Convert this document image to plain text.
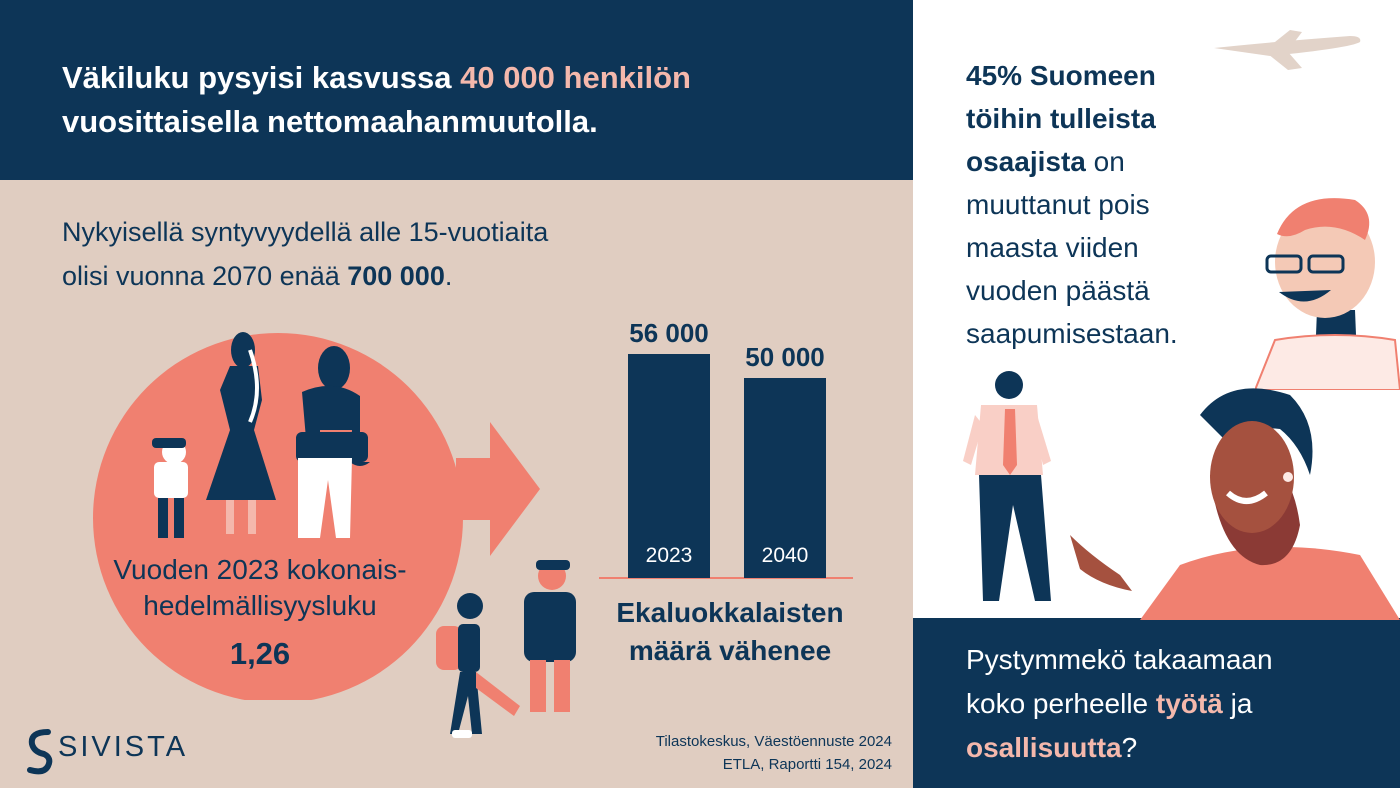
Väkiluku pysyisi kasvussa 40 000 henkilön
vuosittaisella nettomaahanmuutolla.
Nykyisellä syntyvyydellä alle 15-vuotiaita
olisi vuonna 2070 enää 700 000.
Vuoden 2023 kokonais-
hedelmällisyysluku
1,26
56 000
2023
50 000
2040
Ekaluokkalaisten
määrä vähenee
Tilastokeskus, Väestöennuste 2024
ETLA, Raportti 154, 2024
SIVISTA
45% Suomeen
töihin tulleista
osaajista on
muuttanut pois
maasta viiden
vuoden päästä
saapumisestaan.
Pystymmekö takaamaan
koko perheelle työtä ja
osallisuutta?
